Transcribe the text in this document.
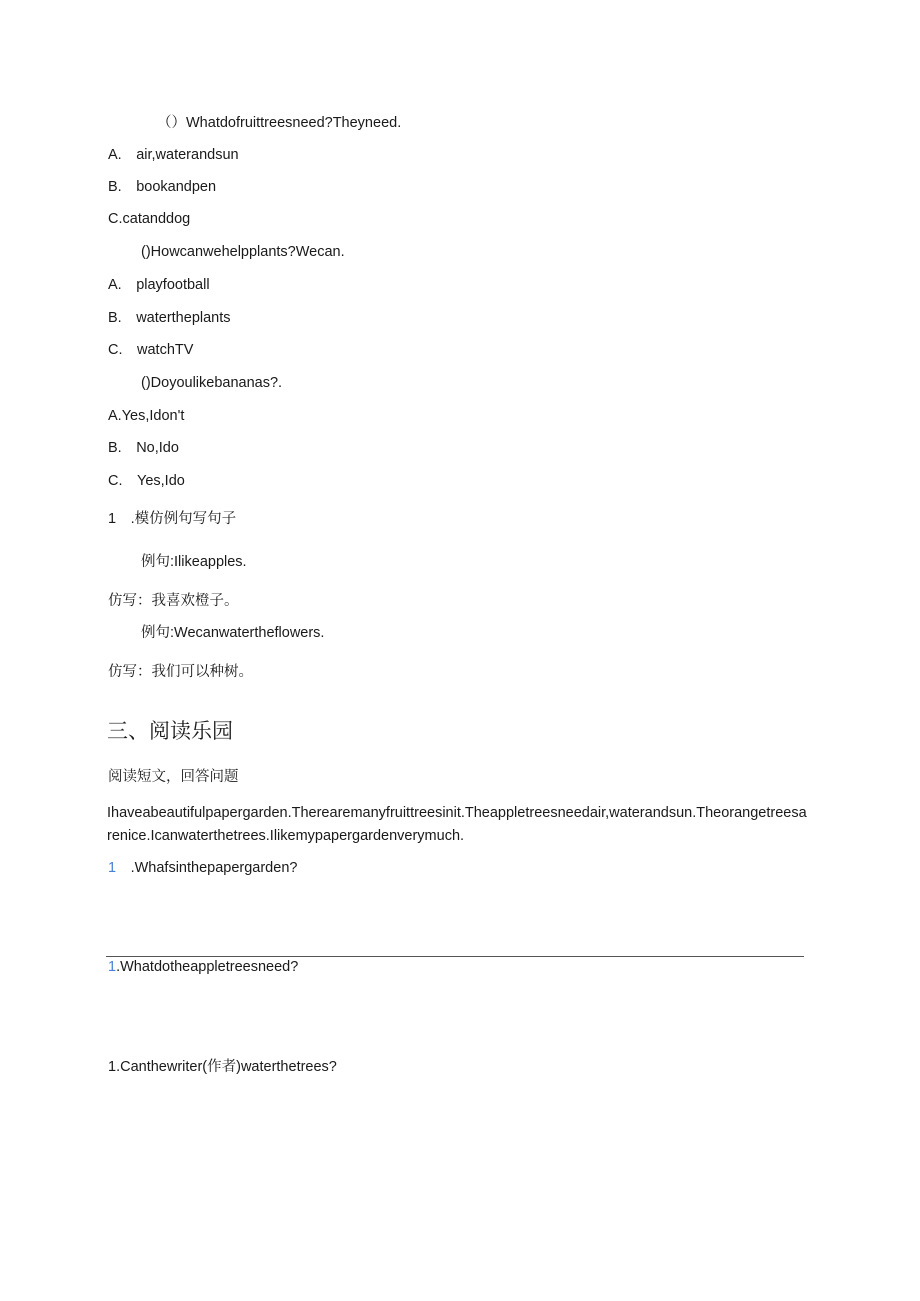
（）Whatdofruittreesneed?Theyneed.
A.　air,waterandsun
B.　bookandpen
C.catanddog
()Howcanwehelpplants?Wecan.
A.　playfootball
B.　watertheplants
C.　watchTV
()Doyoulikebananas?.
A.Yes,Idon't
B.　No,Ido
C.　Yes,Ido
1　.模仿例句写句子
例句:Ilikeapples.
仿写：我喜欢橙子。
例句:Wecanwatertheflowers.
仿写：我们可以种树。
三、阅读乐园
阅读短文，回答问题
Ihaveabeautifulpapergarden.Therearemanyfruittreesinit.Theappletreesneedair,waterandsun.Theorangetreesarenice.Icanwaterthetrees.Ilikemypapergardenverymuch.
1　.Whafsinthepapergarden?
1.Whatdotheappletreesneed?
1.Canthewriter(作者)waterthetrees?
